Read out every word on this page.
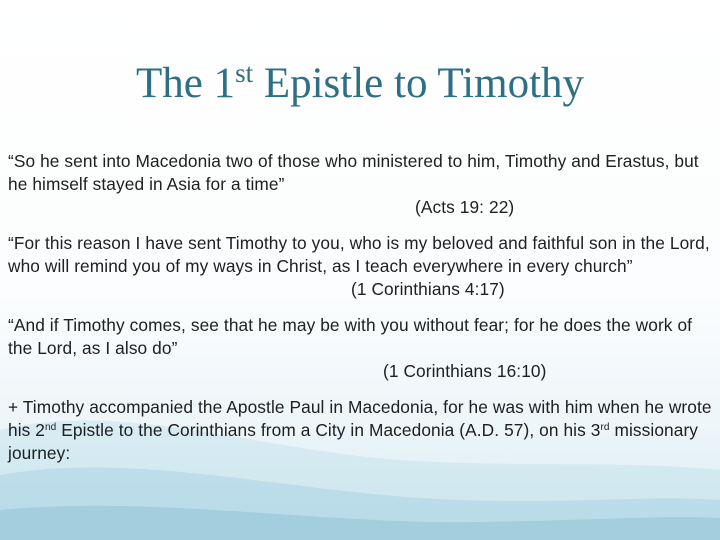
The 1st Epistle to Timothy

“So he sent into Macedonia two of those who ministered to him, Timothy and Erastus, but he himself stayed in Asia for a time”

(Acts 19: 22)

“For this reason I have sent Timothy to you, who is my beloved and faithful son in the Lord, who will remind you of my ways in Christ, as I teach everywhere in every church”

(1 Corinthians 4:17)

“And if Timothy comes, see that he may be with you without fear; for he does the work of the Lord, as I also do”

(1 Corinthians 16:10)

+ Timothy accompanied the Apostle Paul in Macedonia, for he was with him when he wrote his 2nd Epistle to the Corinthians from a City in Macedonia (A.D. 57), on his 3rd missionary journey:
